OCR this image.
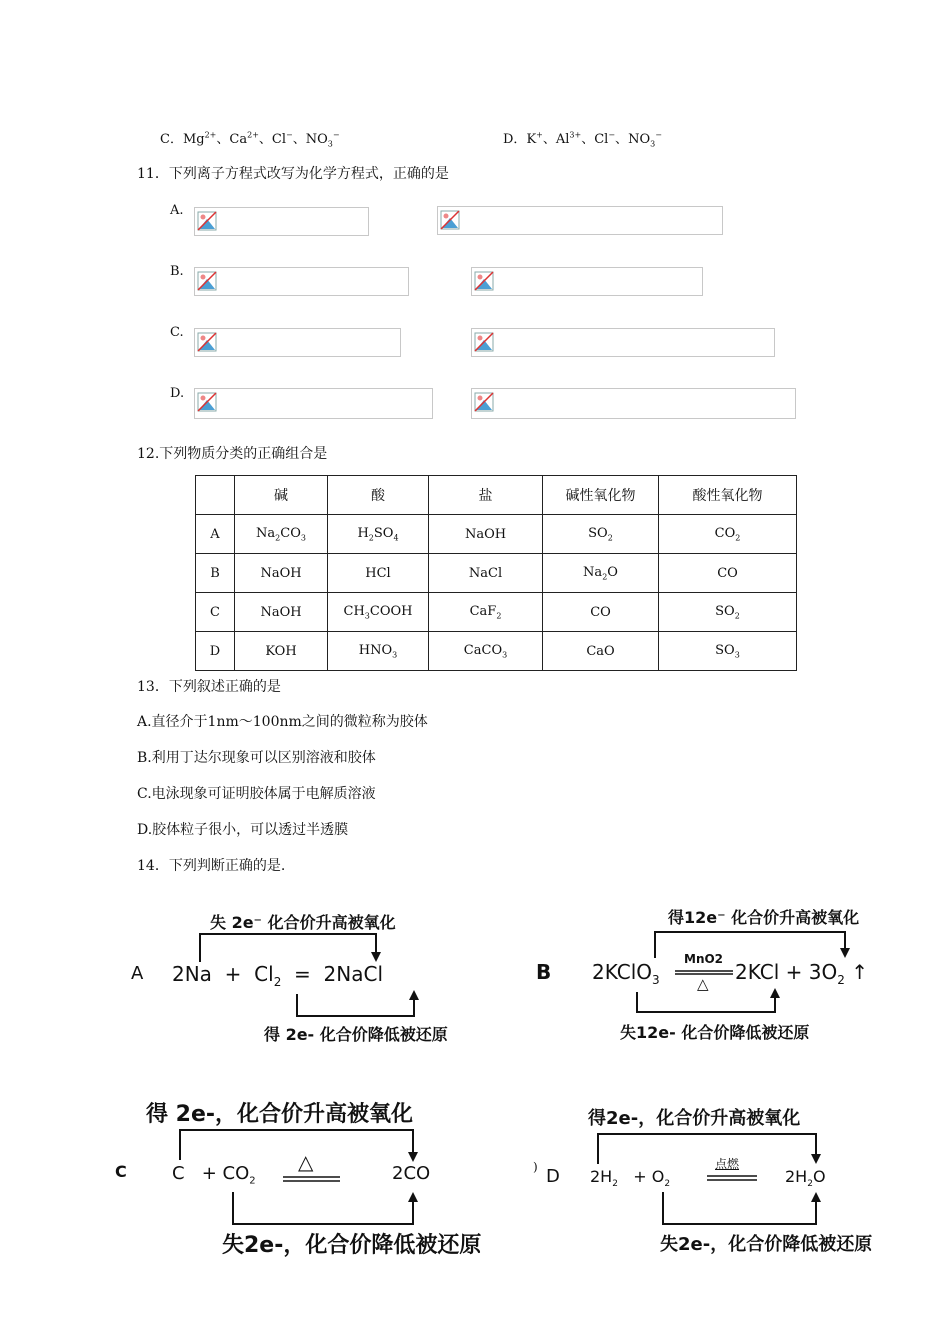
C．$Mg^{2+}$、$Ca^{2+}$、Cl−、$NO_3^-$	D．K+、$Al^{3+}$、Cl−、$NO_3^-$
11．下列离子方程式改写为化学方程式，正确的是
A.
B.
C.
D.
12.下列物质分类的正确组合是
	碱	酸	盐	碱性氧化物	酸性氧化物
A	$Na_2CO_3$	$H_2SO_4$	NaOH	$SO_2$	$CO_2$
B	NaOH	HCl	NaCl	$Na_2O$	CO
C	NaOH	$CH_3COOH$	CaF$_2$	CO	$SO_2$
D	KOH	$HNO_3$	CaCO$_3$	CaO	$SO_3$
13．下列叙述正确的是
A.直径介于1nm～100nm之间的微粒称为胶体
B.利用丁达尔现象可以区别溶液和胶体
C.电泳现象可证明胶体属于电解质溶液
D.胶体粒子很小，可以透过半透膜
14．下列判断正确的是.
失 2e⁻ 化合价升高被氧化
A $2Na + Cl_2$ = 2NaCl
得 2e- 化合价降低被还原
得12e⁻ 化合价升高被氧化
B 2KClO$_3$
MnO2
△ $2KCl + 3O_2$ ↑
失12e- 化合价降低被还原
得 2e-，化合价升高被氧化
C	$C + CO_2$
△	2CO
失2e-，化合价降低被还原
得2e-，化合价升高被氧化
) D $2H_2 + O_2$
点燃
$2H_2O$
失2e-，化合价降低被还原
